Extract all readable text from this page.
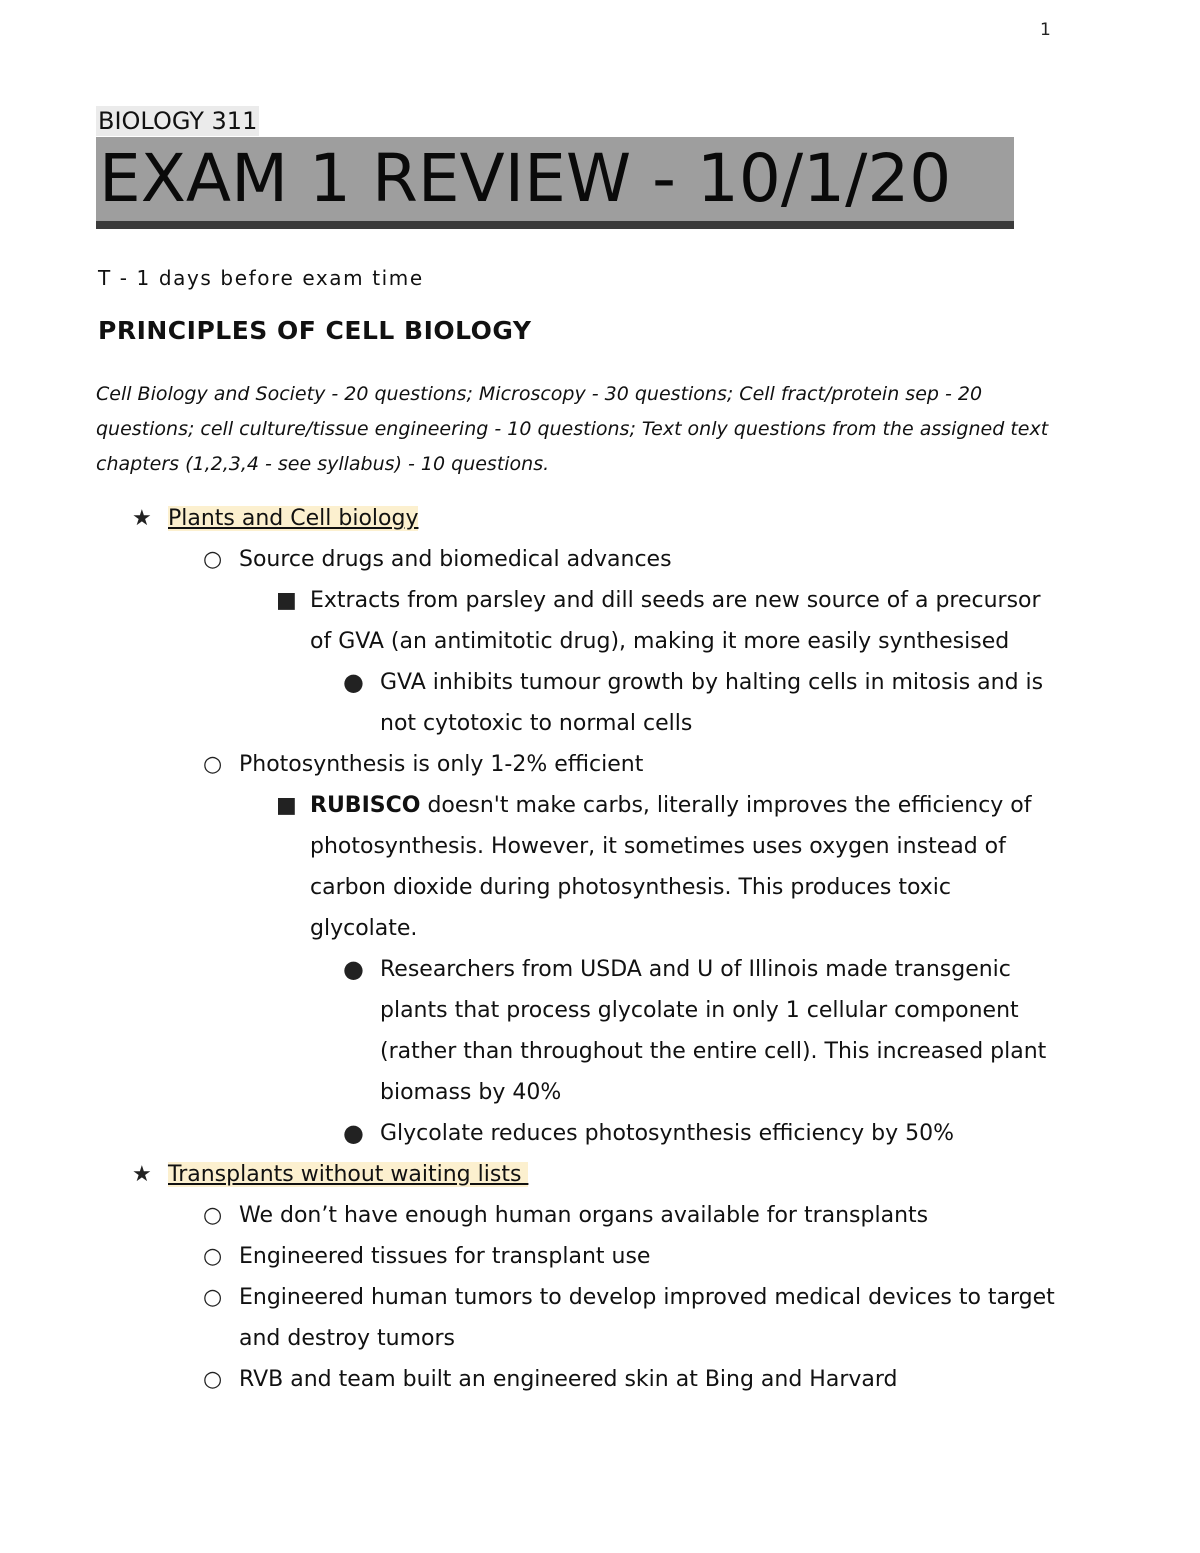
1
BIOLOGY 311
EXAM 1 REVIEW - 10/1/20
T - 1 days before exam time
PRINCIPLES OF CELL BIOLOGY

Cell Biology and Society - 20 questions; Microscopy - 30 questions; Cell fract/protein sep - 20 questions; cell culture/tissue engineering - 10 questions; Text only questions from the assigned text chapters (1,2,3,4 - see syllabus) - 10 questions.

★ Plants and Cell biology
○ Source drugs and biomedical advances
■ Extracts from parsley and dill seeds are new source of a precursor of GVA (an antimitotic drug), making it more easily synthesised
● GVA inhibits tumour growth by halting cells in mitosis and is not cytotoxic to normal cells
○ Photosynthesis is only 1-2% efficient
■ RUBISCO doesn't make carbs, literally improves the efficiency of photosynthesis. However, it sometimes uses oxygen instead of carbon dioxide during photosynthesis. This produces toxic glycolate.
● Researchers from USDA and U of Illinois made transgenic plants that process glycolate in only 1 cellular component (rather than throughout the entire cell). This increased plant biomass by 40%
● Glycolate reduces photosynthesis efficiency by 50%
★ Transplants without waiting lists
○ We don’t have enough human organs available for transplants
○ Engineered tissues for transplant use
○ Engineered human tumors to develop improved medical devices to target and destroy tumors
○ RVB and team built an engineered skin at Bing and Harvard
